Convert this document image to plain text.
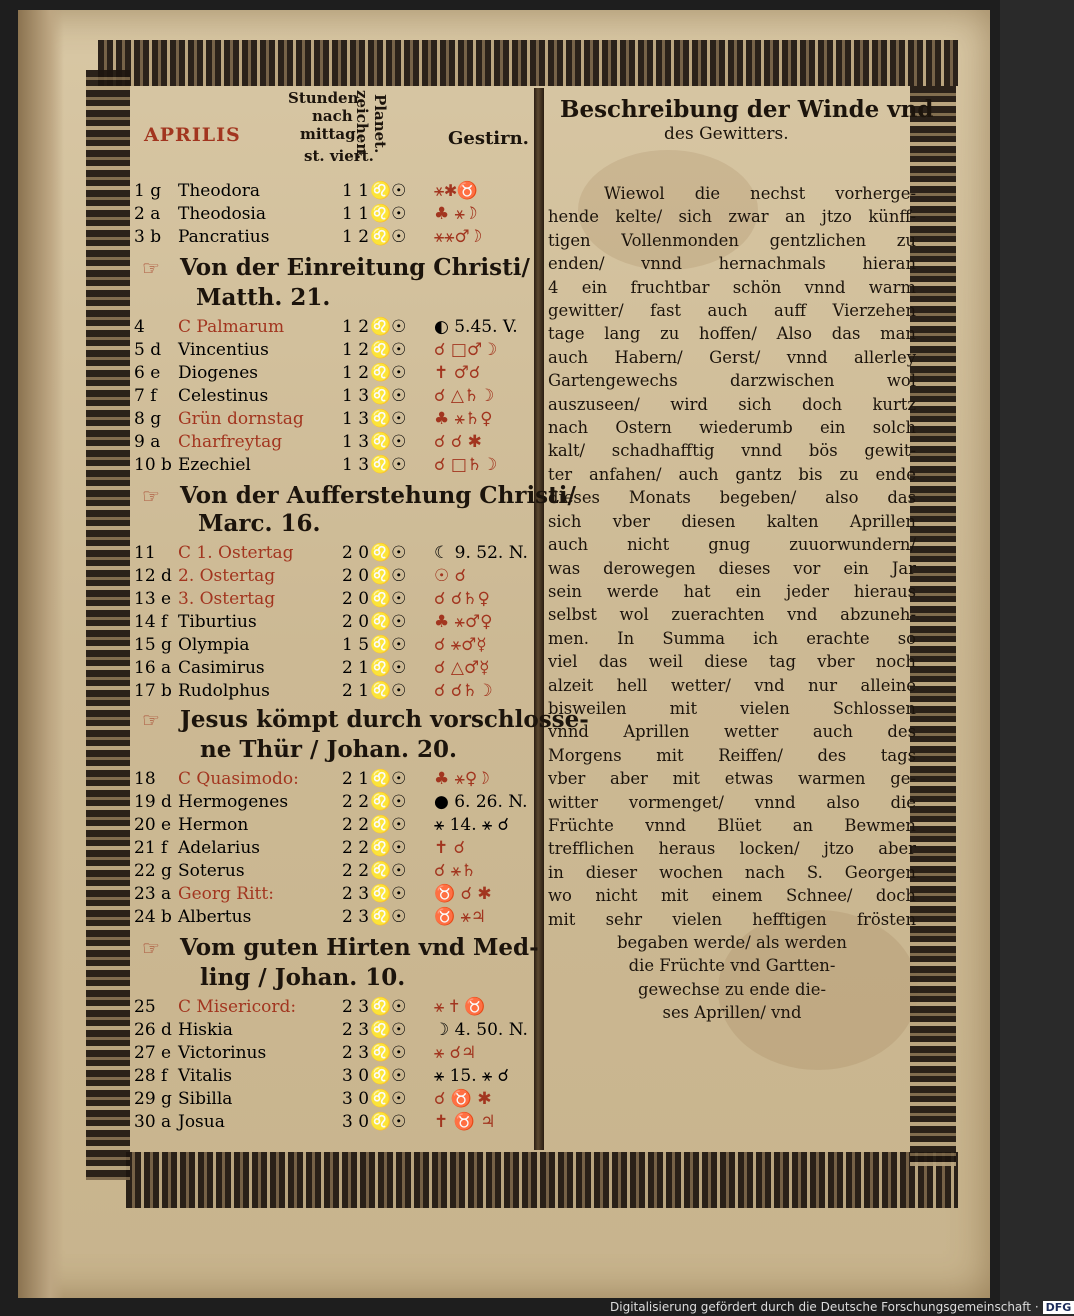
APRILIS
Stunden
nach
mittag.
st. viert.
Planet.
zeichen.	Gestirn.
Beschreibung der Winde vnd
des Gewitters.
1 g Theodora	1 1 ♌☉ ⚹✱♉
2 a	Theodosia	1 1 ♌☉ ♣ ⚹☽
3 b Pancratius	1 2 ♌☉ ⚹⚹♂☽
☞ Von der Einreitung Christi/
Matth. 21.
4	C Palmarum	1 2 ♌☉ ◐ 5.45. V.
5 d Vincentius	1 2 ♌☉ ☌ □♂☽
6 e	Diogenes	1 2 ♌☉ ✝ ♂☌
7 f	Celestinus	1 3 ♌☉ ☌ △♄☽
8 g Grün dornstag 1 3 ♌☉ ♣ ⚹♄♀
9 a	Charfreytag	1 3 ♌☉ ☌ ☌ ✱
10 b Ezechiel	1 3 ♌☉ ☌ □♄☽
☞ Von der Aufferstehung Christi/
Marc. 16.
11	C 1. Ostertag	2 0 ♌☉ ☾ 9. 52. N.
12 d 2. Ostertag	2 0 ♌☉ ☉ ☌
13 e 3. Ostertag	2 0 ♌☉ ☌ ☌♄♀
14 f Tiburtius	2 0 ♌☉ ♣ ⚹♂♀
15 g Olympia	1 5 ♌☉ ☌ ⚹♂☿
16 a Casimirus	2 1 ♌☉ ☌ △♂☿
17 b Rudolphus	2 1 ♌☉ ☌ ☌♄☽
☞ Jesus kömpt durch vorschlosse-
ne Thür / Johan. 20.
18	C Quasimodo:	2 1 ♌☉ ♣ ⚹♀☽
19 d Hermogenes	2 2 ♌☉ ● 6. 26. N.
20 e Hermon	2 2 ♌☉ ⚹ 14. ⚹ ☌
21 f Adelarius	2 2 ♌☉ ✝ ☌
22 g Soterus	2 2 ♌☉ ☌ ⚹♄
23 a Georg Ritt:	2 3 ♌☉ ♉ ☌ ✱
24 b Albertus	2 3 ♌☉ ♉ ⚹♃
☞ Vom guten Hirten vnd Med-
ling / Johan. 10.
25	C Misericord:	2 3 ♌☉ ⚹ ✝ ♉
26 d Hiskia	2 3 ♌☉ ☽ 4. 50. N.
27 e Victorinus	2 3 ♌☉ ⚹ ☌♃
28 f Vitalis	3 0 ♌☉ ⚹ 15. ⚹ ☌
29 g Sibilla	3 0 ♌☉ ☌ ♉ ✱
30 a Josua	3 0 ♌☉ ✝ ♉ ♃
Wiewol die nechst vorherge-
hende kelte/ sich zwar an jtzo künff-
tigen Vollenmonden gentzlichen zu
enden/ vnnd hernachmals hieran
4 ein fruchtbar schön vnnd warm
gewitter/ fast auch auff Vierzehen
tage lang zu hoffen/ Also das man
auch Habern/ Gerst/ vnnd allerley
Gartengewechs darzwischen wol
auszuseen/ wird sich doch kurtz
nach Ostern wiederumb ein solch
kalt/ schadhafftig vnnd bös gewit-
ter anfahen/ auch gantz bis zu ende
dieses Monats begeben/ also das
sich vber diesen kalten Aprillen
auch nicht gnug zuuorwundern/
was derowegen dieses vor ein Jar
sein werde hat ein jeder hieraus
selbst wol zuerachten vnd abzuneh-
men. In Summa ich erachte so
viel das weil diese tag vber noch
alzeit hell wetter/ vnd nur alleine
bisweilen mit vielen Schlossen
vnnd Aprillen wetter auch des
Morgens mit Reiffen/ des tags
vber aber mit etwas warmen ge-
witter vormenget/ vnnd also die
Früchte vnnd Blüet an Bewmen
trefflichen heraus locken/ jtzo aber
in dieser wochen nach S. Georgen
wo nicht mit einem Schnee/ doch
mit sehr vielen hefftigen frösten
begaben werde/ als werden
die Früchte vnd Gartten-
gewechse zu ende die-
ses Aprillen/ vnd
Digitalisierung gefördert durch die Deutsche Forschungsgemeinschaft · DFG
